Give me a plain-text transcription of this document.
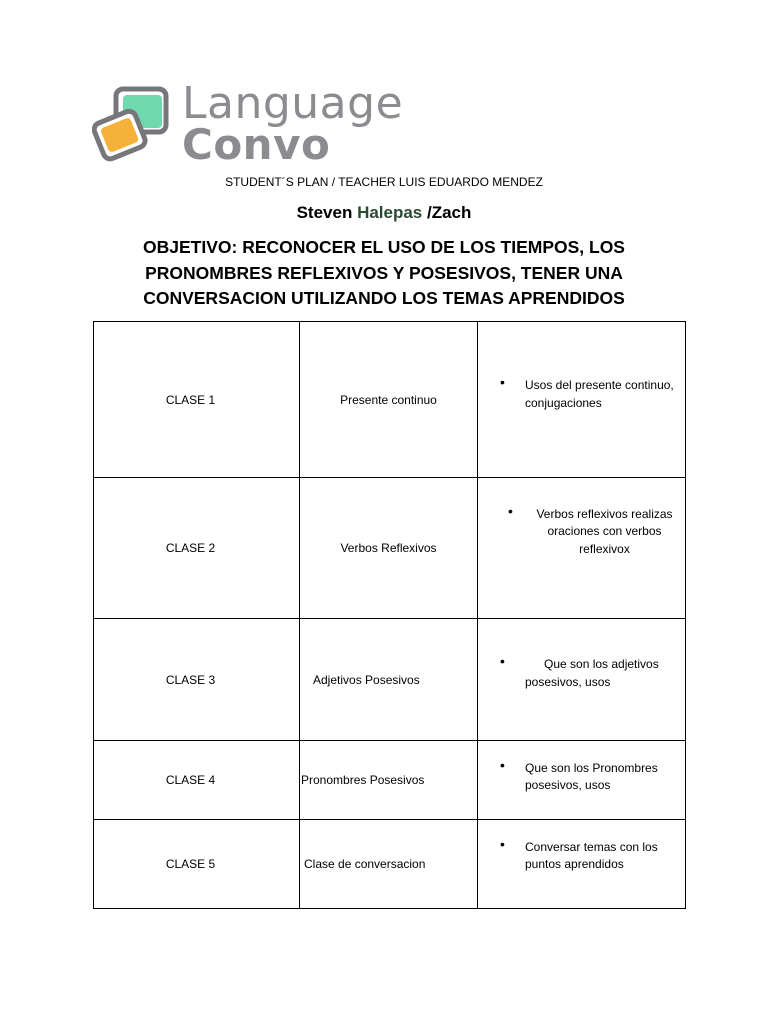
Language
Convo
STUDENT´S PLAN / TEACHER LUIS EDUARDO MENDEZ
Steven Halepas /Zach
OBJETIVO: RECONOCER EL USO DE LOS TIEMPOS, LOS PRONOMBRES REFLEXIVOS Y POSESIVOS, TENER UNA CONVERSACION UTILIZANDO LOS TEMAS APRENDIDOS
CLASE 1	Presente continuo	• Usos del presente continuo, conjugaciones

CLASE 2	Verbos Reflexivos	• Verbos reflexivos realizas oraciones con verbos reflexivox

CLASE 3	Adjetivos Posesivos	• Que son los adjetivos posesivos, usos

CLASE 4	Pronombres Posesivos	• Que son los Pronombres posesivos, usos

CLASE 5	Clase de conversacion	• Conversar temas con los puntos aprendidos
